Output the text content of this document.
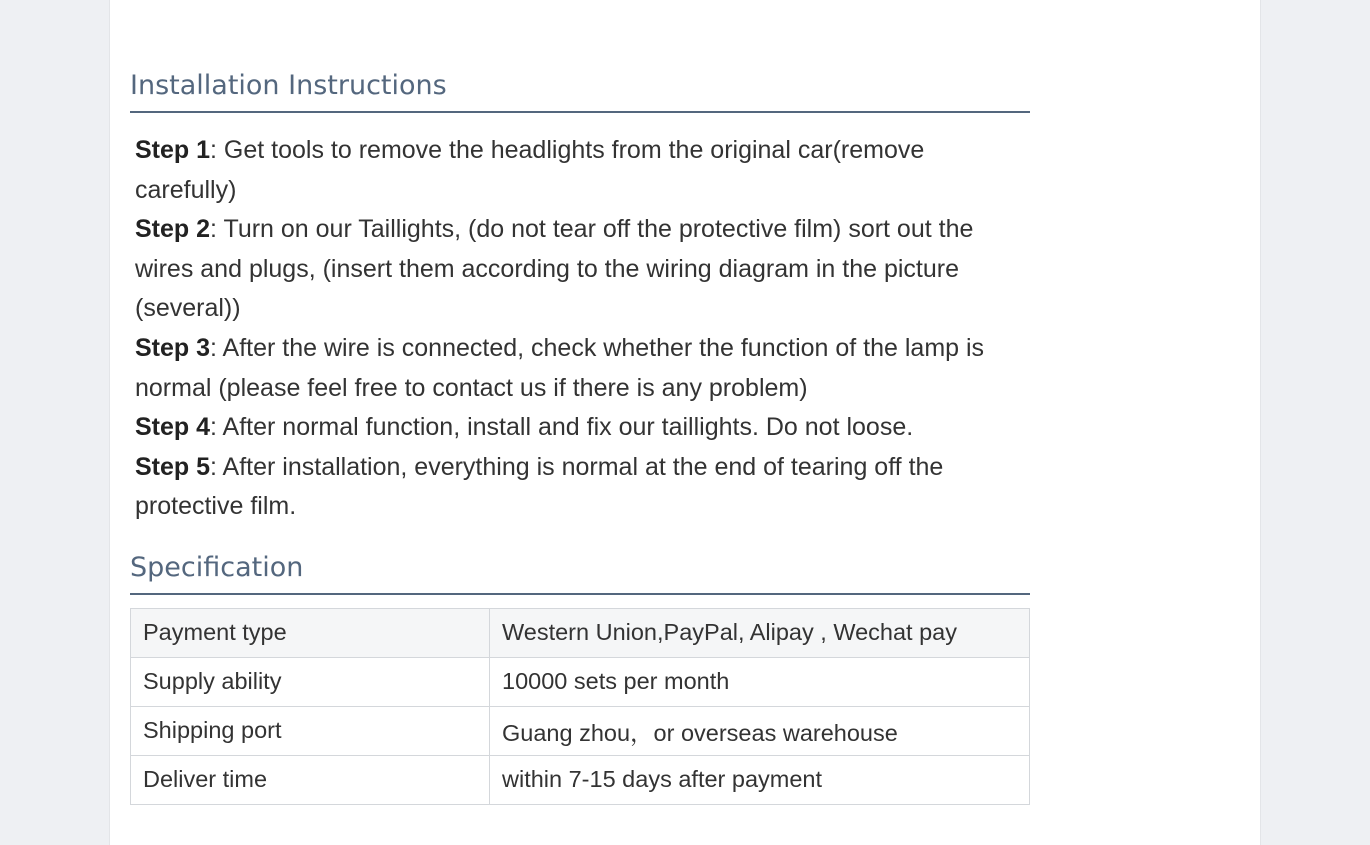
Installation Instructions
Step 1: Get tools to remove the headlights from the original car(remove carefully)
Step 2: Turn on our Taillights, (do not tear off the protective film) sort out the wires and plugs, (insert them according to the wiring diagram in the picture (several))
Step 3: After the wire is connected, check whether the function of the lamp is normal (please feel free to contact us if there is any problem)
Step 4: After normal function, install and fix our taillights. Do not loose.
Step 5: After installation, everything is normal at the end of tearing off the protective film.
Specification
Payment type	Western Union,PayPal, Alipay , Wechat pay
Supply ability	10000 sets per month
Shipping port	Guang zhou，or overseas warehouse
Deliver time	within 7-15 days after payment
